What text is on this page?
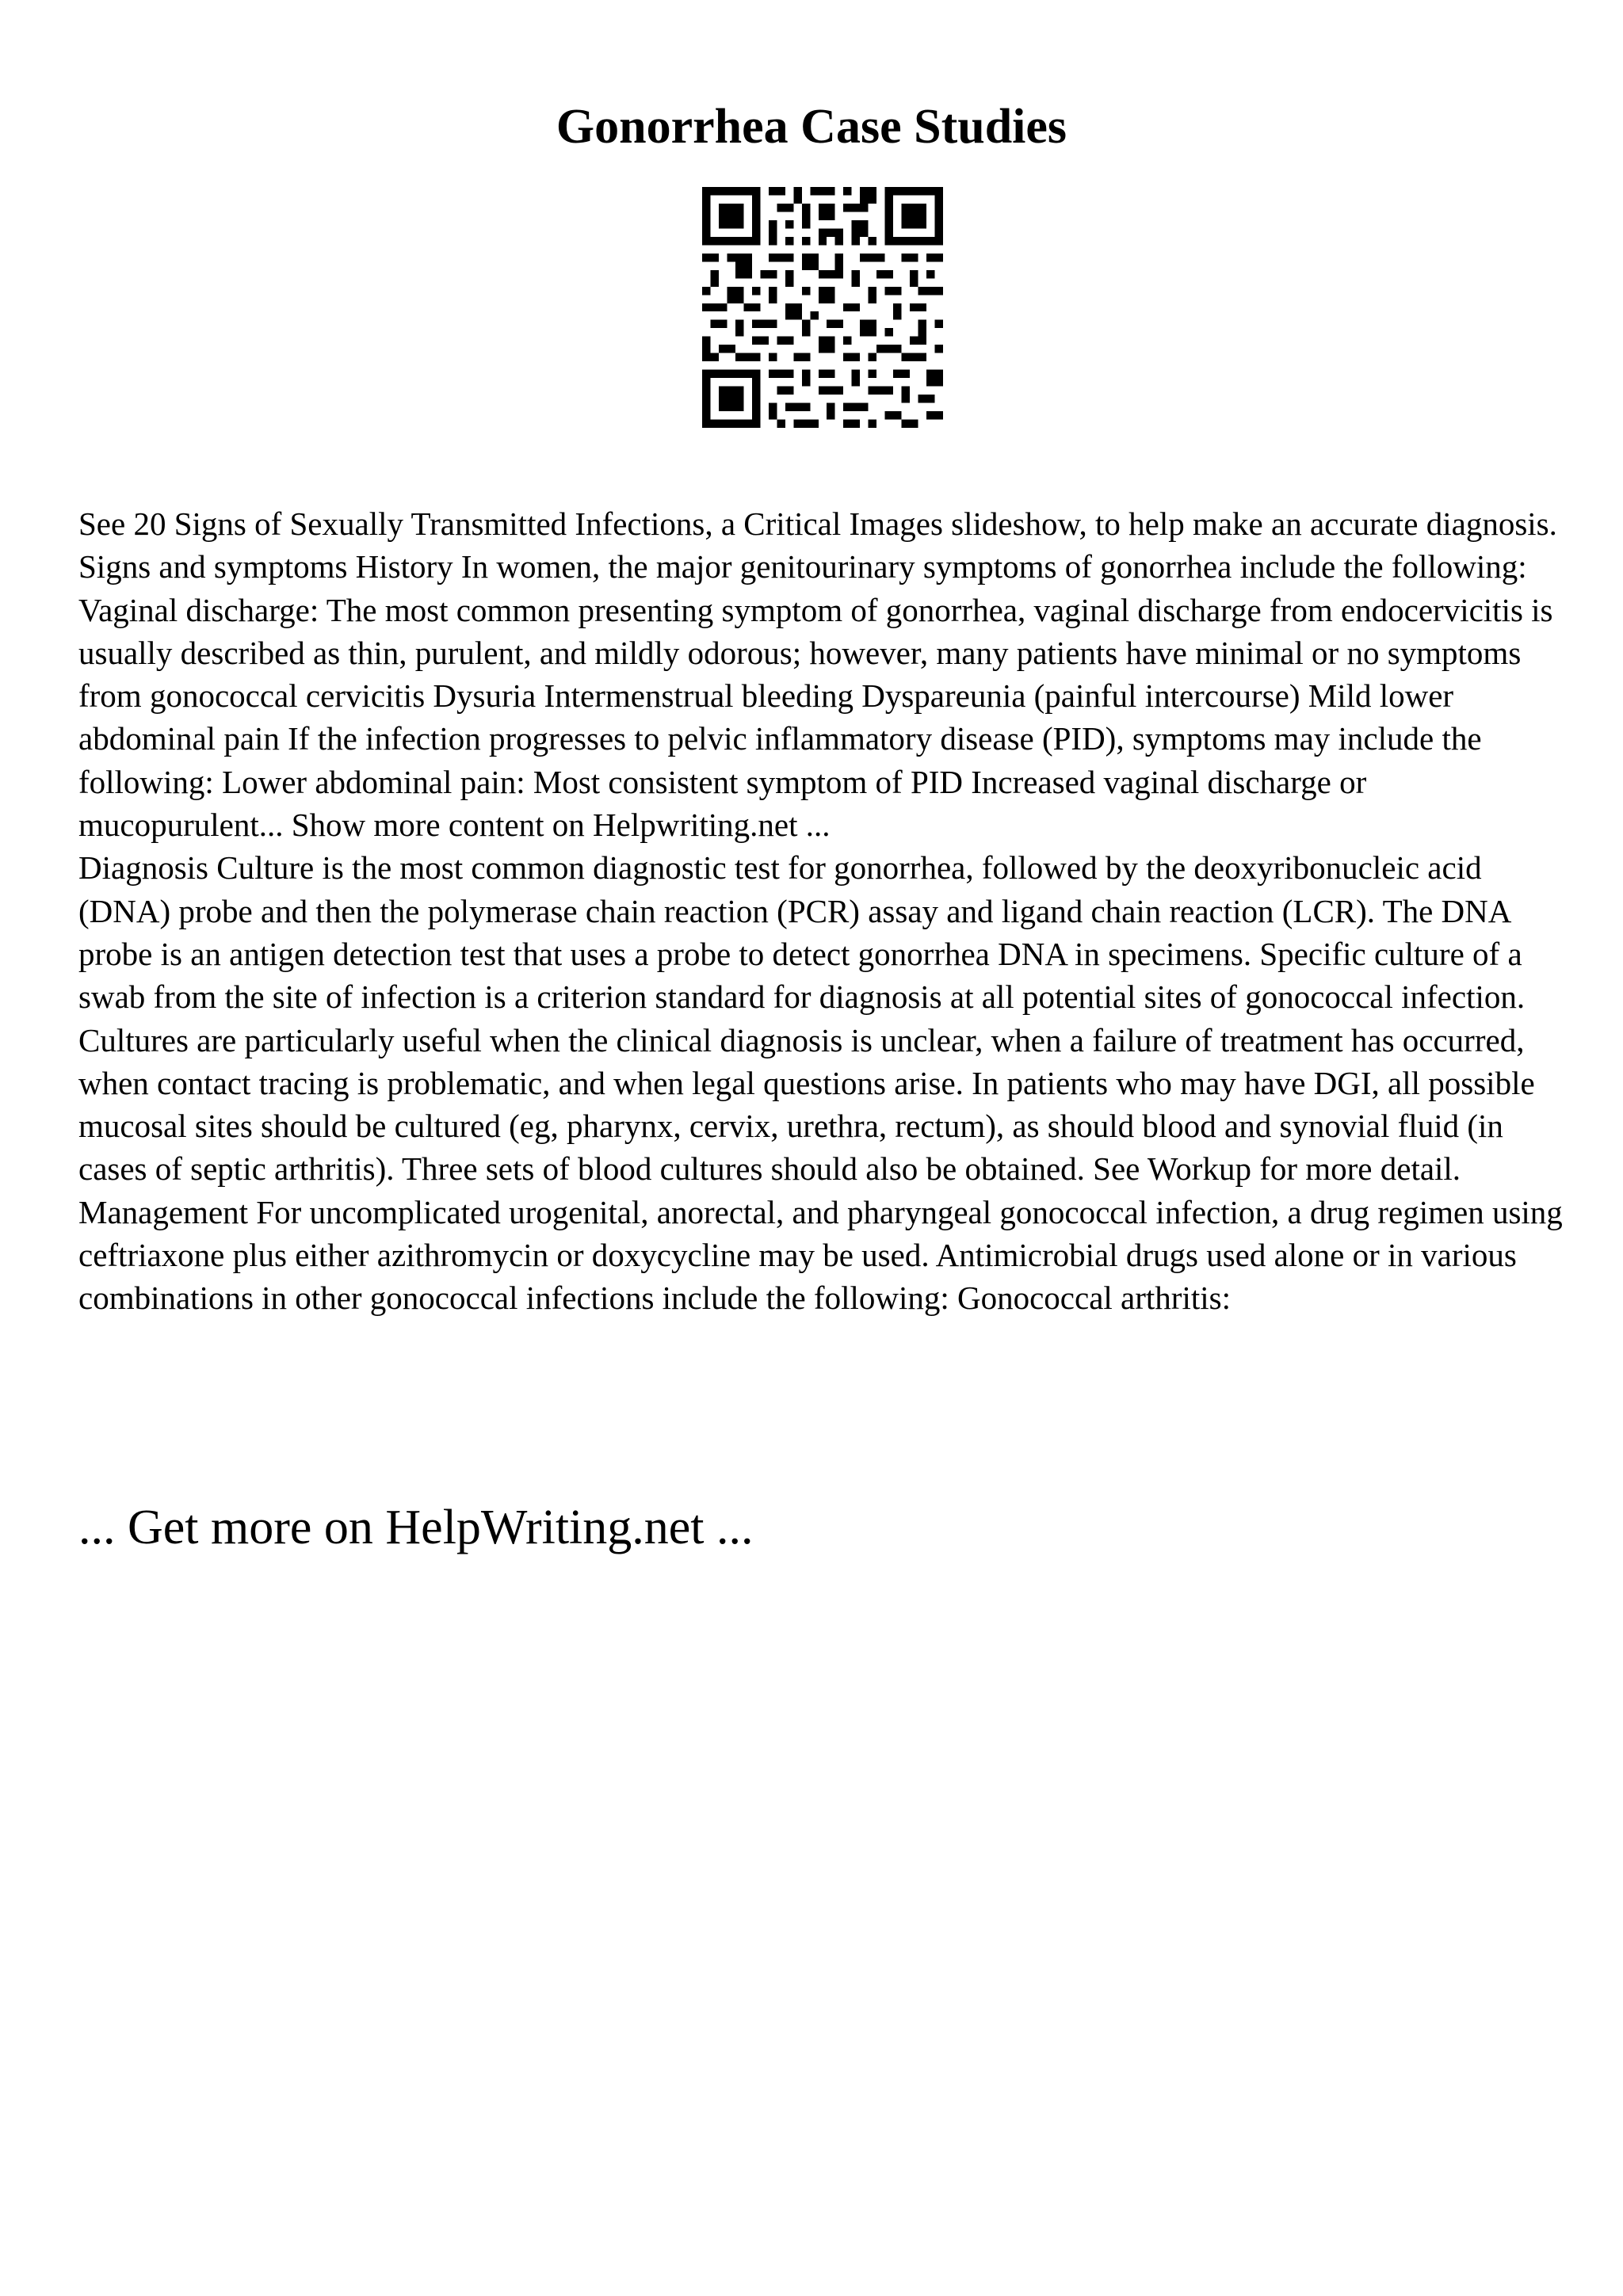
Gonorrhea Case Studies

See 20 Signs of Sexually Transmitted Infections, a Critical Images slideshow, to help make an accurate diagnosis. Signs and symptoms History In women, the major genitourinary symptoms of gonorrhea include the following: Vaginal discharge: The most common presenting symptom of gonorrhea, vaginal discharge from endocervicitis is usually described as thin, purulent, and mildly odorous; however, many patients have minimal or no symptoms from gonococcal cervicitis Dysuria Intermenstrual bleeding Dyspareunia (painful intercourse) Mild lower abdominal pain If the infection progresses to pelvic inflammatory disease (PID), symptoms may include the following: Lower abdominal pain: Most consistent symptom of PID Increased vaginal discharge or mucopurulent... Show more content on Helpwriting.net ...

Diagnosis Culture is the most common diagnostic test for gonorrhea, followed by the deoxyribonucleic acid (DNA) probe and then the polymerase chain reaction (PCR) assay and ligand chain reaction (LCR). The DNA probe is an antigen detection test that uses a probe to detect gonorrhea DNA in specimens. Specific culture of a swab from the site of infection is a criterion standard for diagnosis at all potential sites of gonococcal infection. Cultures are particularly useful when the clinical diagnosis is unclear, when a failure of treatment has occurred, when contact tracing is problematic, and when legal questions arise. In patients who may have DGI, all possible mucosal sites should be cultured (eg, pharynx, cervix, urethra, rectum), as should blood and synovial fluid (in cases of septic arthritis). Three sets of blood cultures should also be obtained. See Workup for more detail. Management For uncomplicated urogenital, anorectal, and pharyngeal gonococcal infection, a drug regimen using ceftriaxone plus either azithromycin or doxycycline may be used. Antimicrobial drugs used alone or in various combinations in other gonococcal infections include the following: Gonococcal arthritis:

... Get more on HelpWriting.net ...
